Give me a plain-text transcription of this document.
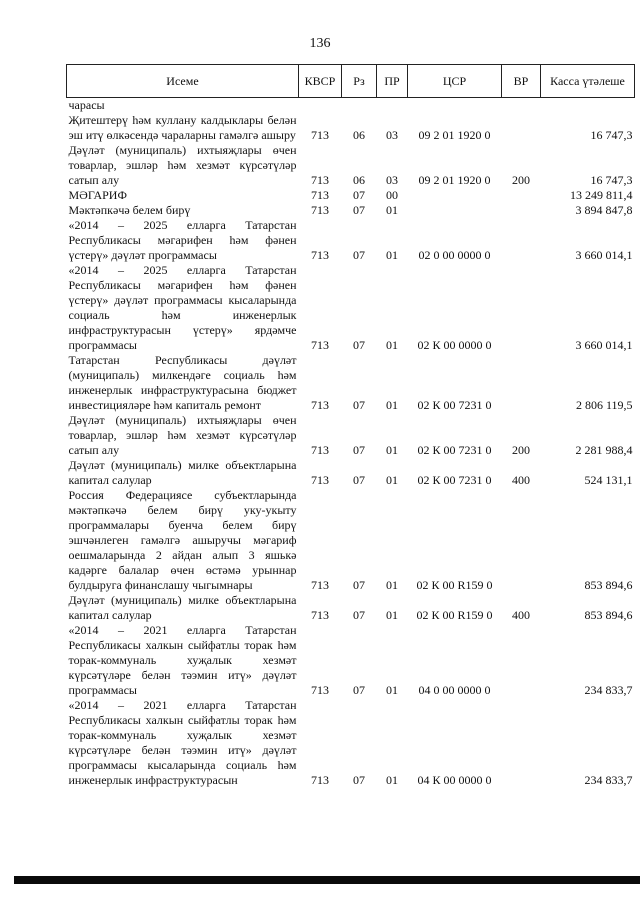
136
Исеме	КВСР	Рз	ПР	ЦСР	ВР	Касса үтәлеше
чарасы						
Җитештерү һәм куллану калдыклары белән эш итү өлкәсендә чараларны гамәлгә ашыру	713	06	03	09 2 01 1920 0		16 747,3
Дәүләт (муниципаль) ихтыяҗлары өчен товарлар, эшләр һәм хезмәт күрсәтүләр сатып алу	713	06	03	09 2 01 1920 0	200	16 747,3
МӘГАРИФ	713	07	00			13 249 811,4
Мәктәпкәчә белем бирү	713	07	01			3 894 847,8
«2014 – 2025 елларга Татарстан Республикасы мәгарифен һәм фәнен үстерү» дәүләт программасы	713	07	01	02 0 00 0000 0		3 660 014,1
«2014 – 2025 елларга Татарстан Республикасы мәгарифен һәм фәнен үстерү» дәүләт программасы кысаларында социаль һәм инженерлык инфраструктурасын үстерү» ярдәмче программасы	713	07	01	02 К 00 0000 0		3 660 014,1
Татарстан Республикасы дәүләт (муниципаль) милкендәге социаль һәм инженерлык инфраструктурасына бюджет инвестицияләре һәм капиталь ремонт	713	07	01	02 К 00 7231 0		2 806 119,5
Дәүләт (муниципаль) ихтыяҗлары өчен товарлар, эшләр һәм хезмәт күрсәтүләр сатып алу	713	07	01	02 К 00 7231 0	200	2 281 988,4
Дәүләт (муниципаль) милке объектларына капитал салулар	713	07	01	02 К 00 7231 0	400	524 131,1
Россия Федерациясе субъектларында мәктәпкәчә белем бирү уку-укыту программалары буенча белем бирү эшчәнлеген гамәлгә ашыручы мәгариф оешмаларында 2 айдан алып 3 яшькә кадәрге балалар өчен өстәмә урыннар булдыруга финанслашу чыгымнары	713	07	01	02 К 00 R159 0		853 894,6
Дәүләт (муниципаль) милке объектларына капитал салулар	713	07	01	02 К 00 R159 0	400	853 894,6
«2014 – 2021 елларга Татарстан Республикасы халкын сыйфатлы торак һәм торак-коммуналь хуҗалык хезмәт күрсәтүләре белән тәэмин итү» дәүләт программасы	713	07	01	04 0 00 0000 0		234 833,7
«2014 – 2021 елларга Татарстан Республикасы халкын сыйфатлы торак һәм торак-коммуналь хуҗалык хезмәт күрсәтүләре белән тәэмин итү» дәүләт программасы кысаларында социаль һәм инженерлык инфраструктурасын	713	07	01	04 К 00 0000 0		234 833,7
